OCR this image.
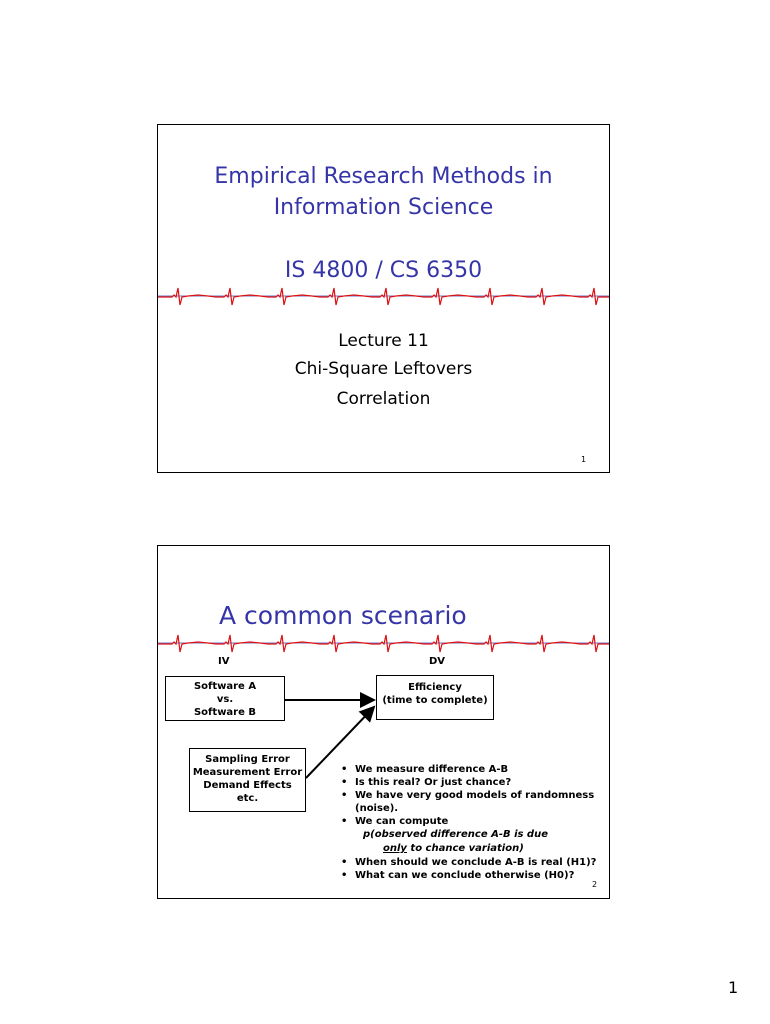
Empirical Research Methods in
Information Science
IS 4800 / CS 6350
Lecture 11
Chi-Square Leftovers
Correlation
1
A common scenario
IV	DV
Software A
vs.
Software B
Efficiency
(time to complete)
Sampling Error
Measurement Error
Demand Effects
etc.
• We measure difference A-B
• Is this real? Or just chance?
• We have very good models of randomness (noise).
• We can compute
p(observed difference A-B is due
only to chance variation)
• When should we conclude A-B is real (H1)?
• What can we conclude otherwise (H0)?
2
1
